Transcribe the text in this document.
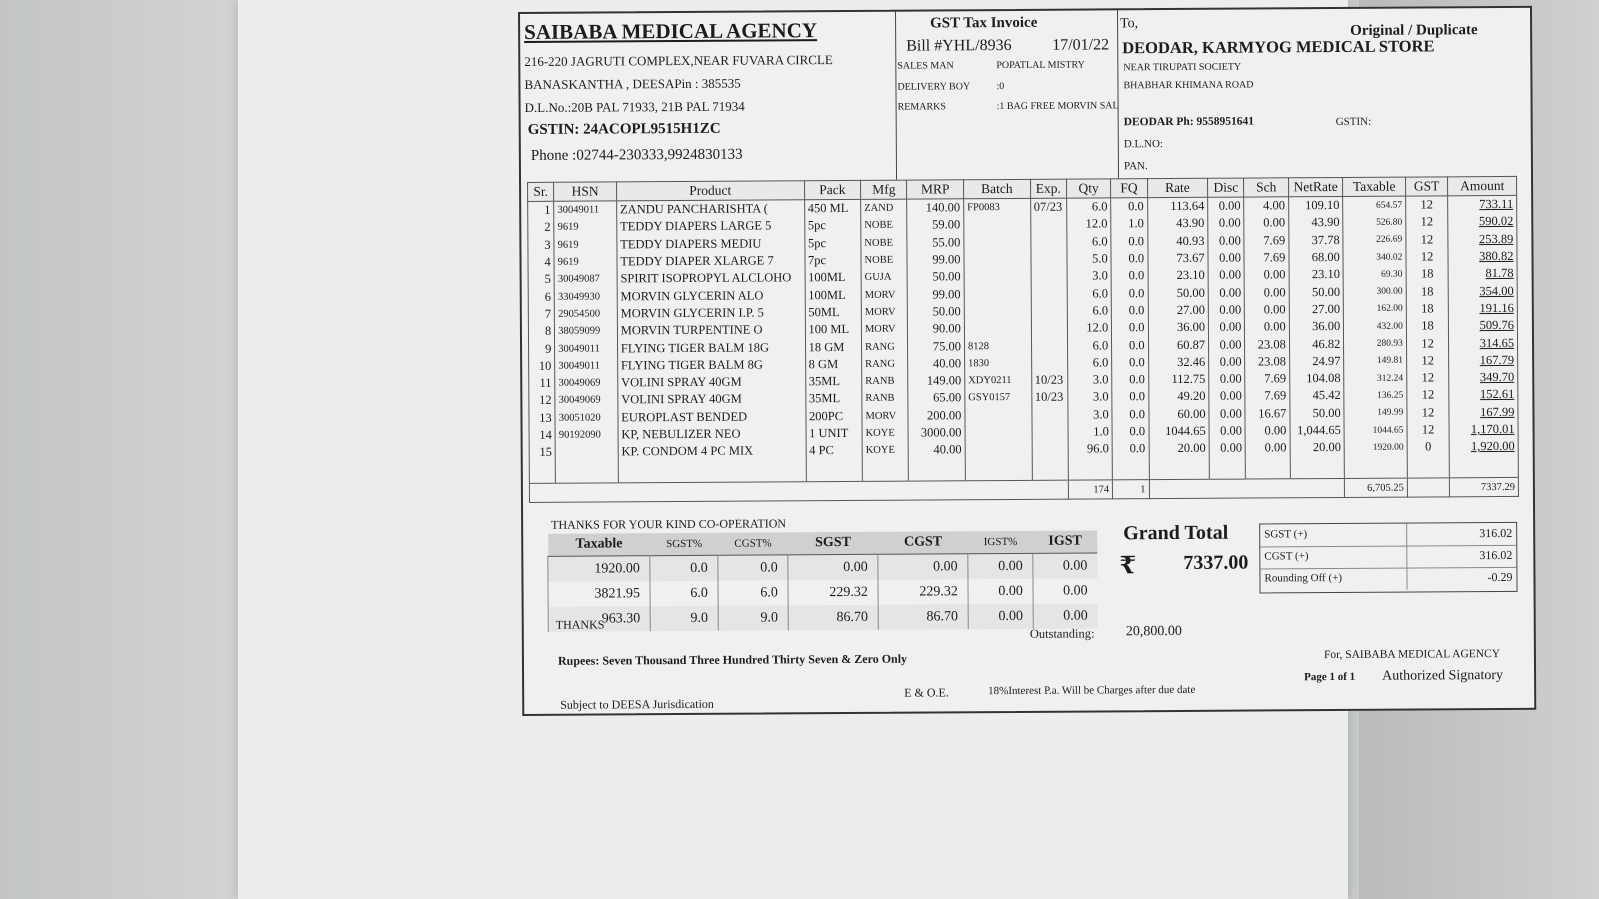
SAIBABA MEDICAL AGENCY
216-220 JAGRUTI COMPLEX,NEAR FUVARA CIRCLE
BANASKANTHA , DEESAPin : 385535
D.L.No.:20B PAL 71933, 21B PAL 71934
GSTIN: 24ACOPL9515H1ZC
Phone :02744-230333,9924830133
GST Tax Invoice
Bill #YHL/8936	17/01/22
SALES MAN	POPATLAL MISTRY
DELIVERY BOY	:0
REMARKS	:1 BAG FREE MORVIN SAL
To,	Original / Duplicate
DEODAR, KARMYOG MEDICAL STORE
NEAR TIRUPATI SOCIETY
BHABHAR KHIMANA ROAD
DEODAR Ph: 9558951641	GSTIN:
D.L.NO:
PAN.
Sr.	HSN	Product	Pack	Mfg	MRP	Batch	Exp.	Qty	FQ	Rate	Disc	Sch	NetRate	Taxable	GST	Amount
1	30049011	ZANDU PANCHARISHTA (	450 ML	ZAND	140.00	FP0083	07/23	6.0	0.0	113.64	0.00	4.00	109.10	654.57	12	733.11
2	9619	TEDDY DIAPERS LARGE 5	5pc	NOBE	59.00			12.0	1.0	43.90	0.00	0.00	43.90	526.80	12	590.02
3	9619	TEDDY DIAPERS MEDIU	5pc	NOBE	55.00			6.0	0.0	40.93	0.00	7.69	37.78	226.69	12	253.89
4	9619	TEDDY DIAPER XLARGE 7	7pc	NOBE	99.00			5.0	0.0	73.67	0.00	7.69	68.00	340.02	12	380.82
5	30049087	SPIRIT ISOPROPYL ALCLOHO	100ML	GUJA	50.00			3.0	0.0	23.10	0.00	0.00	23.10	69.30	18	81.78
6	33049930	MORVIN GLYCERIN ALO	100ML	MORV	99.00			6.0	0.0	50.00	0.00	0.00	50.00	300.00	18	354.00
7	29054500	MORVIN GLYCERIN I.P. 5	50ML	MORV	50.00			6.0	0.0	27.00	0.00	0.00	27.00	162.00	18	191.16
8	38059099	MORVIN TURPENTINE O	100 ML	MORV	90.00			12.0	0.0	36.00	0.00	0.00	36.00	432.00	18	509.76
9	30049011	FLYING TIGER BALM 18G	18 GM	RANG	75.00	8128		6.0	0.0	60.87	0.00	23.08	46.82	280.93	12	314.65
10	30049011	FLYING TIGER BALM 8G	8 GM	RANG	40.00	1830		6.0	0.0	32.46	0.00	23.08	24.97	149.81	12	167.79
11	30049069	VOLINI SPRAY 40GM	35ML	RANB	149.00	XDY0211	10/23	3.0	0.0	112.75	0.00	7.69	104.08	312.24	12	349.70
12	30049069	VOLINI SPRAY 40GM	35ML	RANB	65.00	GSY0157	10/23	3.0	0.0	49.20	0.00	7.69	45.42	136.25	12	152.61
13	30051020	EUROPLAST BENDED	200PC	MORV	200.00			3.0	0.0	60.00	0.00	16.67	50.00	149.99	12	167.99
14	90192090	KP, NEBULIZER NEO	1 UNIT	KOYE	3000.00			1.0	0.0	1044.65	0.00	0.00	1,044.65	1044.65	12	1,170.01
15		KP. CONDOM 4 PC MIX	4 PC	KOYE	40.00			96.0	0.0	20.00	0.00	0.00	20.00	1920.00	0	1,920.00

								174	1					6,705.25		7337.29
THANKS FOR YOUR KIND CO-OPERATION
Taxable	SGST%	CGST%	SGST	CGST	IGST%	IGST
1920.00	0.0	0.0	0.00	0.00	0.00	0.00
3821.95	6.0	6.0	229.32	229.32	0.00	0.00
963.30	9.0	9.0	86.70	86.70	0.00	0.00
THANKS
Grand Total
₹ 7337.00
SGST (+)	316.02
CGST (+)	316.02
Rounding Off (+)	-0.29
Outstanding: 20,800.00
Rupees: Seven Thousand Three Hundred Thirty Seven & Zero Only	For, SAIBABA MEDICAL AGENCY
Subject to DEESA Jurisdication
E & O.E.	18%Interest P.a. Will be Charges after due date
Page 1 of 1 Authorized Signatory
